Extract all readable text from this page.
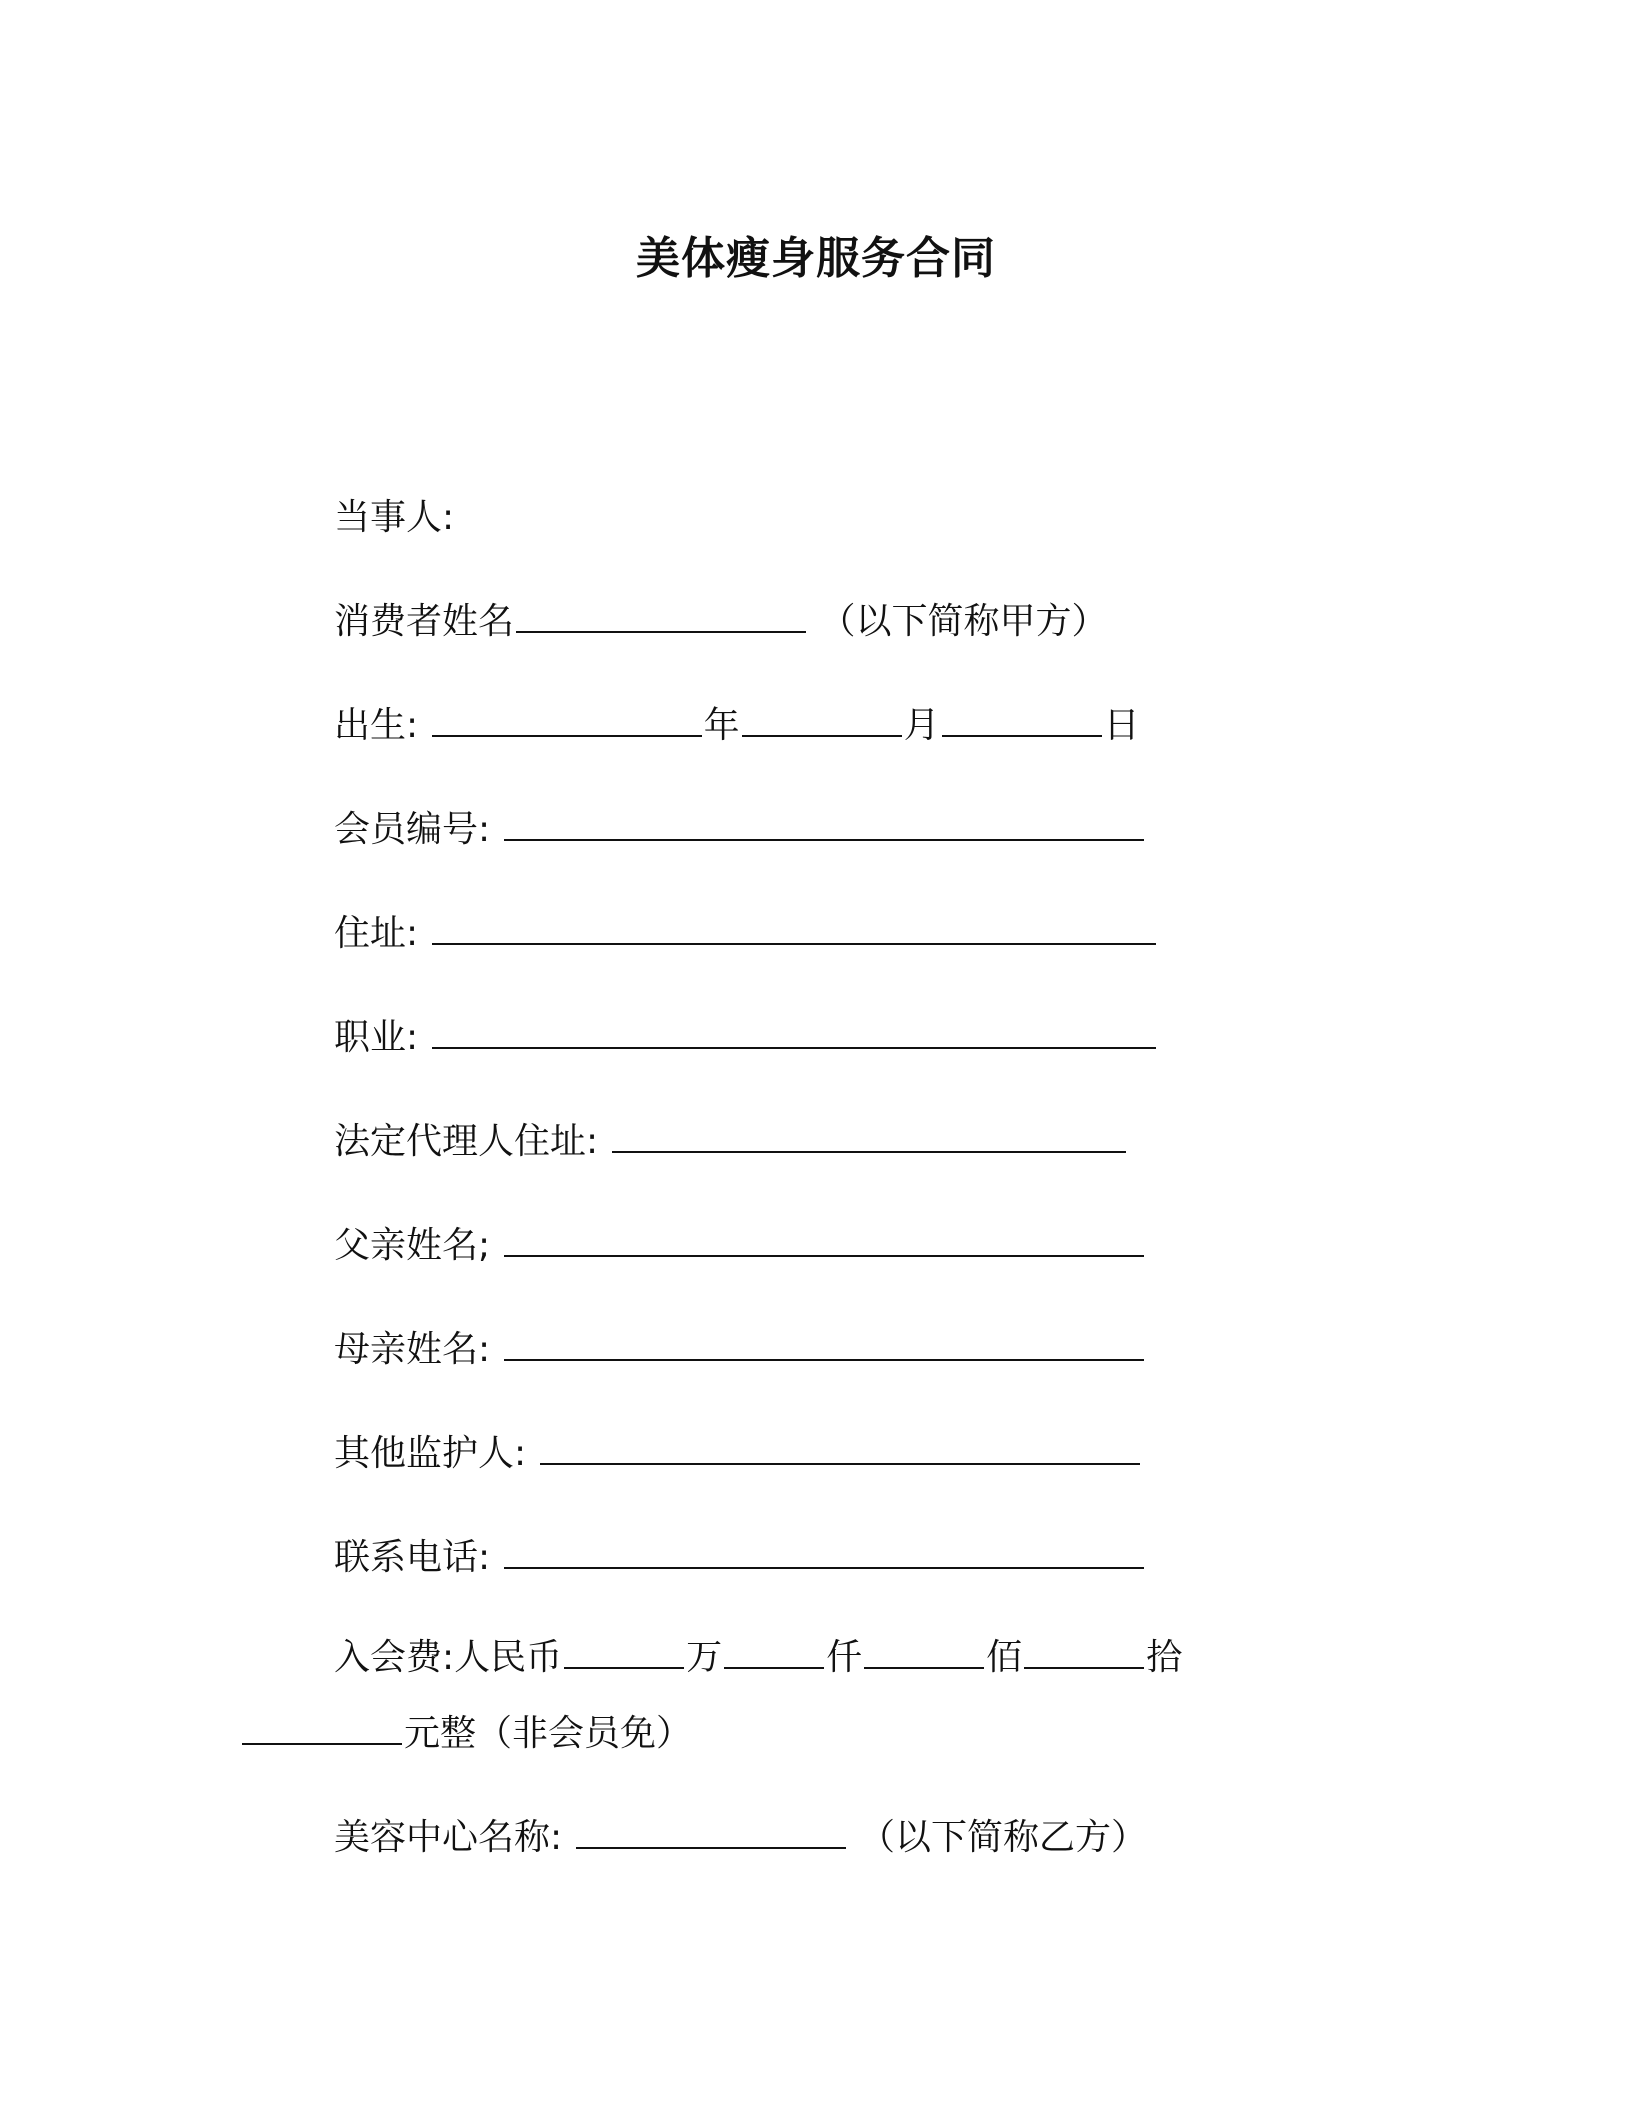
美体瘦身服务合同
当事人:
消费者姓名	（以下简称甲方）
出生:	年	月	日
会员编号:
住址:
职业:
法定代理人住址:
父亲姓名;
母亲姓名:
其他监护人:
联系电话:
入会费:人民币	万	仟	佰	拾
元整（非会员免）
美容中心名称:	（以下简称乙方）
